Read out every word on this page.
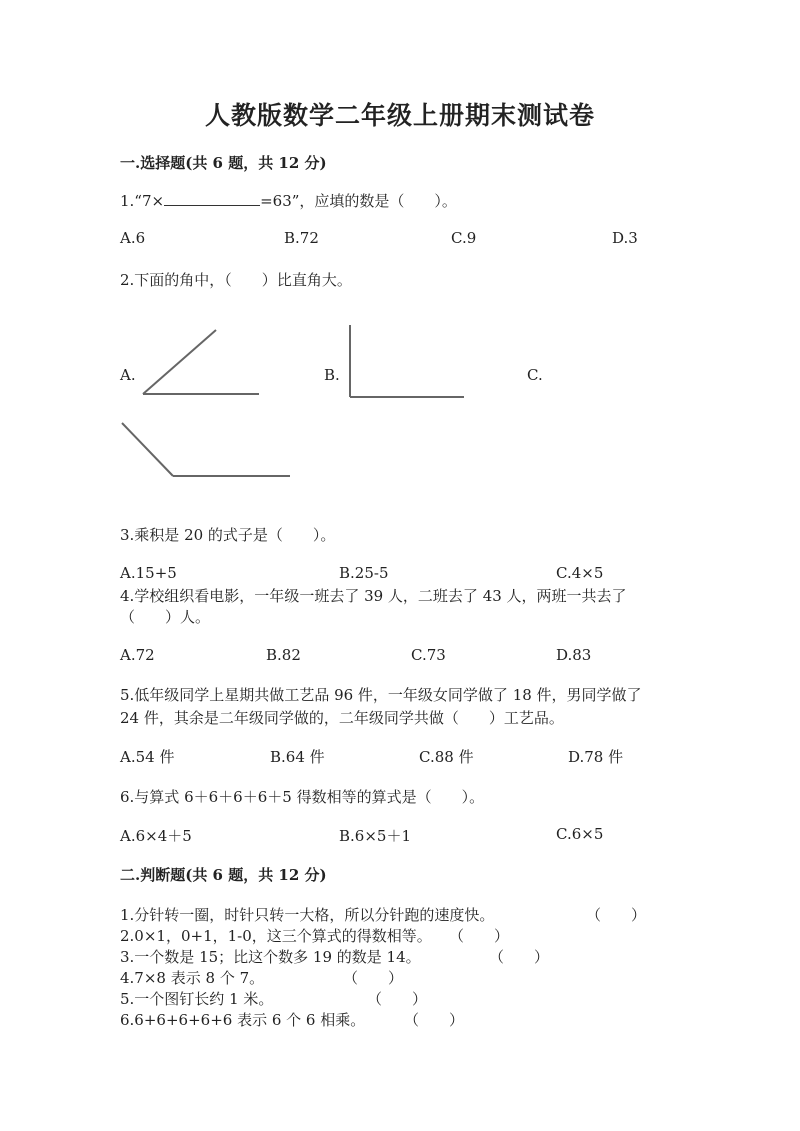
人教版数学二年级上册期末测试卷
一.选择题(共 6 题，共 12 分)
1.“7×	=63”，应填的数是（　　）。
A.6	B.72	C.9	D.3
2.下面的角中，（　　）比直角大。
A.	B.	C.
3.乘积是 20 的式子是（　　）。
A.15+5	B.25-5	C.4×5
4.学校组织看电影，一年级一班去了 39 人，二班去了 43 人，两班一共去了
（　　）人。
A.72	B.82	C.73	D.83
5.低年级同学上星期共做工艺品 96 件，一年级女同学做了 18 件，男同学做了
24 件，其余是二年级同学做的，二年级同学共做（　　）工艺品。
A.54 件	B.64 件	C.88 件	D.78 件
6.与算式 6＋6＋6＋6＋5 得数相等的算式是（　　）。
A.6×4＋5	B.6×5＋1	C.6×5
二.判断题(共 6 题，共 12 分)
1.分针转一圈，时针只转一大格，所以分针跑的速度快。	（　　）
2.0×1，0+1，1-0，这三个算式的得数相等。 （　　）
3.一个数是 15；比这个数多 19 的数是 14。	（　　）
4.7×8 表示 8 个 7。	（　　）
5.一个图钉长约 1 米。	（　　）
6.6+6+6+6+6 表示 6 个 6 相乘。	（　　）
